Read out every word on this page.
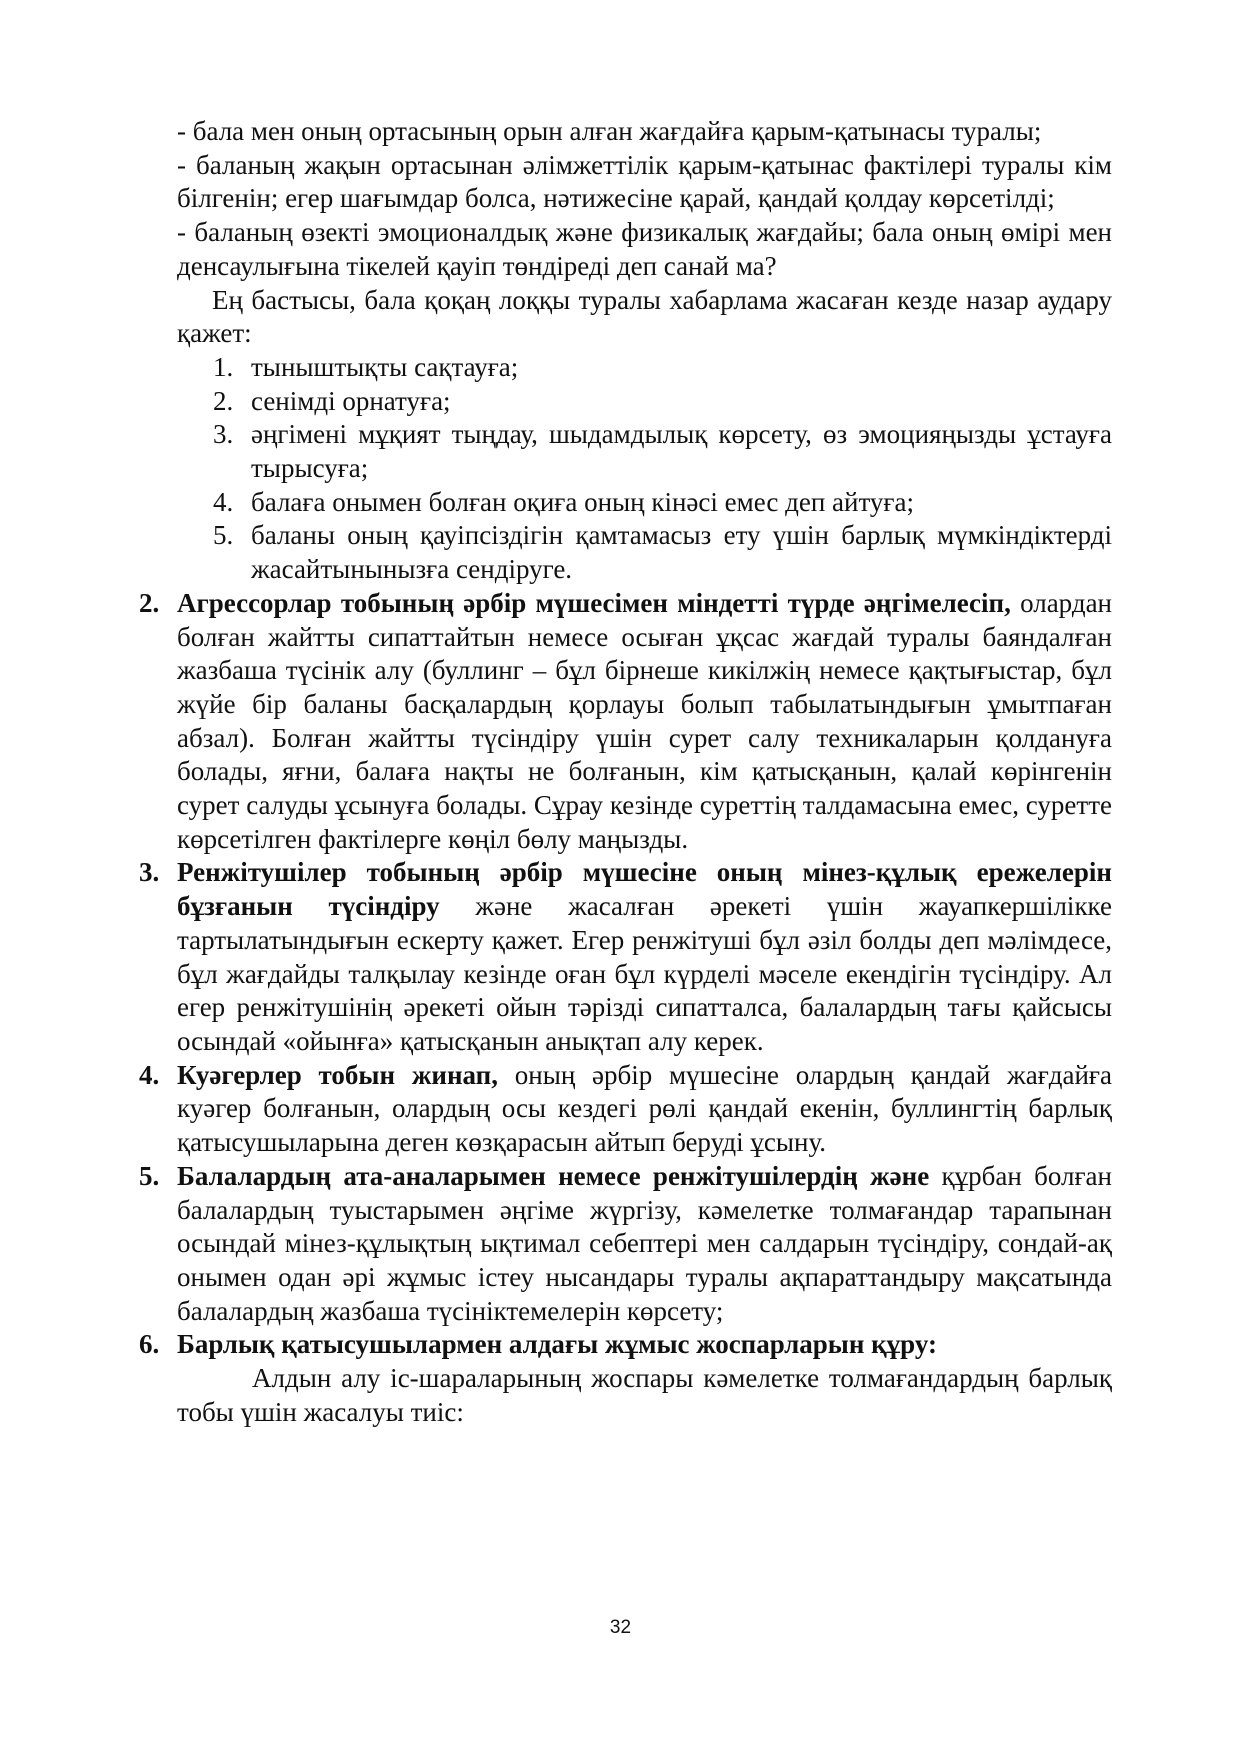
- бала мен оның ортасының орын алған жағдайға қарым-қатынасы туралы;

- баланың жақын ортасынан әлімжеттілік қарым-қатынас фактілері туралы кім білгенін; егер шағымдар болса, нәтижесіне қарай, қандай қолдау көрсетілді;

- баланың өзекті эмоционалдық және физикалық жағдайы; бала оның өмірі мен денсаулығына тікелей қауіп төндіреді деп санай ма?

Ең бастысы, бала қоқаң лоққы туралы хабарлама жасаған кезде назар аудару қажет:

1. тыныштықты сақтауға;
2. сенімді орнатуға;
3. әңгімені мұқият тыңдау, шыдамдылық көрсету, өз эмоцияңызды ұстауға тырысуға;
4. балаға онымен болған оқиға оның кінәсі емес деп айтуға;
5. баланы оның қауіпсіздігін қамтамасыз ету үшін барлық мүмкіндіктерді жасайтынынызға сендіруге.
2. Агрессорлар тобының әрбір мүшесімен міндетті түрде әңгімелесіп, олардан болған жайтты сипаттайтын немесе осыған ұқсас жағдай туралы баяндалған жазбаша түсінік алу (буллинг – бұл бірнеше кикілжің немесе қақтығыстар, бұл жүйе бір баланы басқалардың қорлауы болып табылатындығын ұмытпаған абзал). Болған жайтты түсіндіру үшін сурет салу техникаларын қолдануға болады, яғни, балаға нақты не болғанын, кім қатысқанын, қалай көрінгенін сурет салуды ұсынуға болады. Сұрау кезінде суреттің талдамасына емес, суретте көрсетілген фактілерге көңіл бөлу маңызды.
3. Ренжітушілер тобының әрбір мүшесіне оның мінез-құлық ережелерін бұзғанын түсіндіру және жасалған әрекеті үшін жауапкершілікке тартылатындығын ескерту қажет. Егер ренжітуші бұл әзіл болды деп мәлімдесе, бұл жағдайды талқылау кезінде оған бұл күрделі мәселе екендігін түсіндіру. Ал егер ренжітушінің әрекеті ойын тәрізді сипатталса, балалардың тағы қайсысы осындай «ойынға» қатысқанын анықтап алу керек.
4. Куәгерлер тобын жинап, оның әрбір мүшесіне олардың қандай жағдайға куәгер болғанын, олардың осы кездегі рөлі қандай екенін, буллингтің барлық қатысушыларына деген көзқарасын айтып беруді ұсыну.
5. Балалардың ата-аналарымен немесе ренжітушілердің және құрбан болған балалардың туыстарымен әңгіме жүргізу, кәмелетке толмағандар тарапынан осындай мінез-құлықтың ықтимал себептері мен салдарын түсіндіру, сондай-ақ онымен одан әрі жұмыс істеу нысандары туралы ақпараттандыру мақсатында балалардың жазбаша түсініктемелерін көрсету;
6. Барлық қатысушылармен алдағы жұмыс жоспарларын құру:

Алдын алу іс-шараларының жоспары кәмелетке толмағандардың барлық тобы үшін жасалуы тиіс:

32
